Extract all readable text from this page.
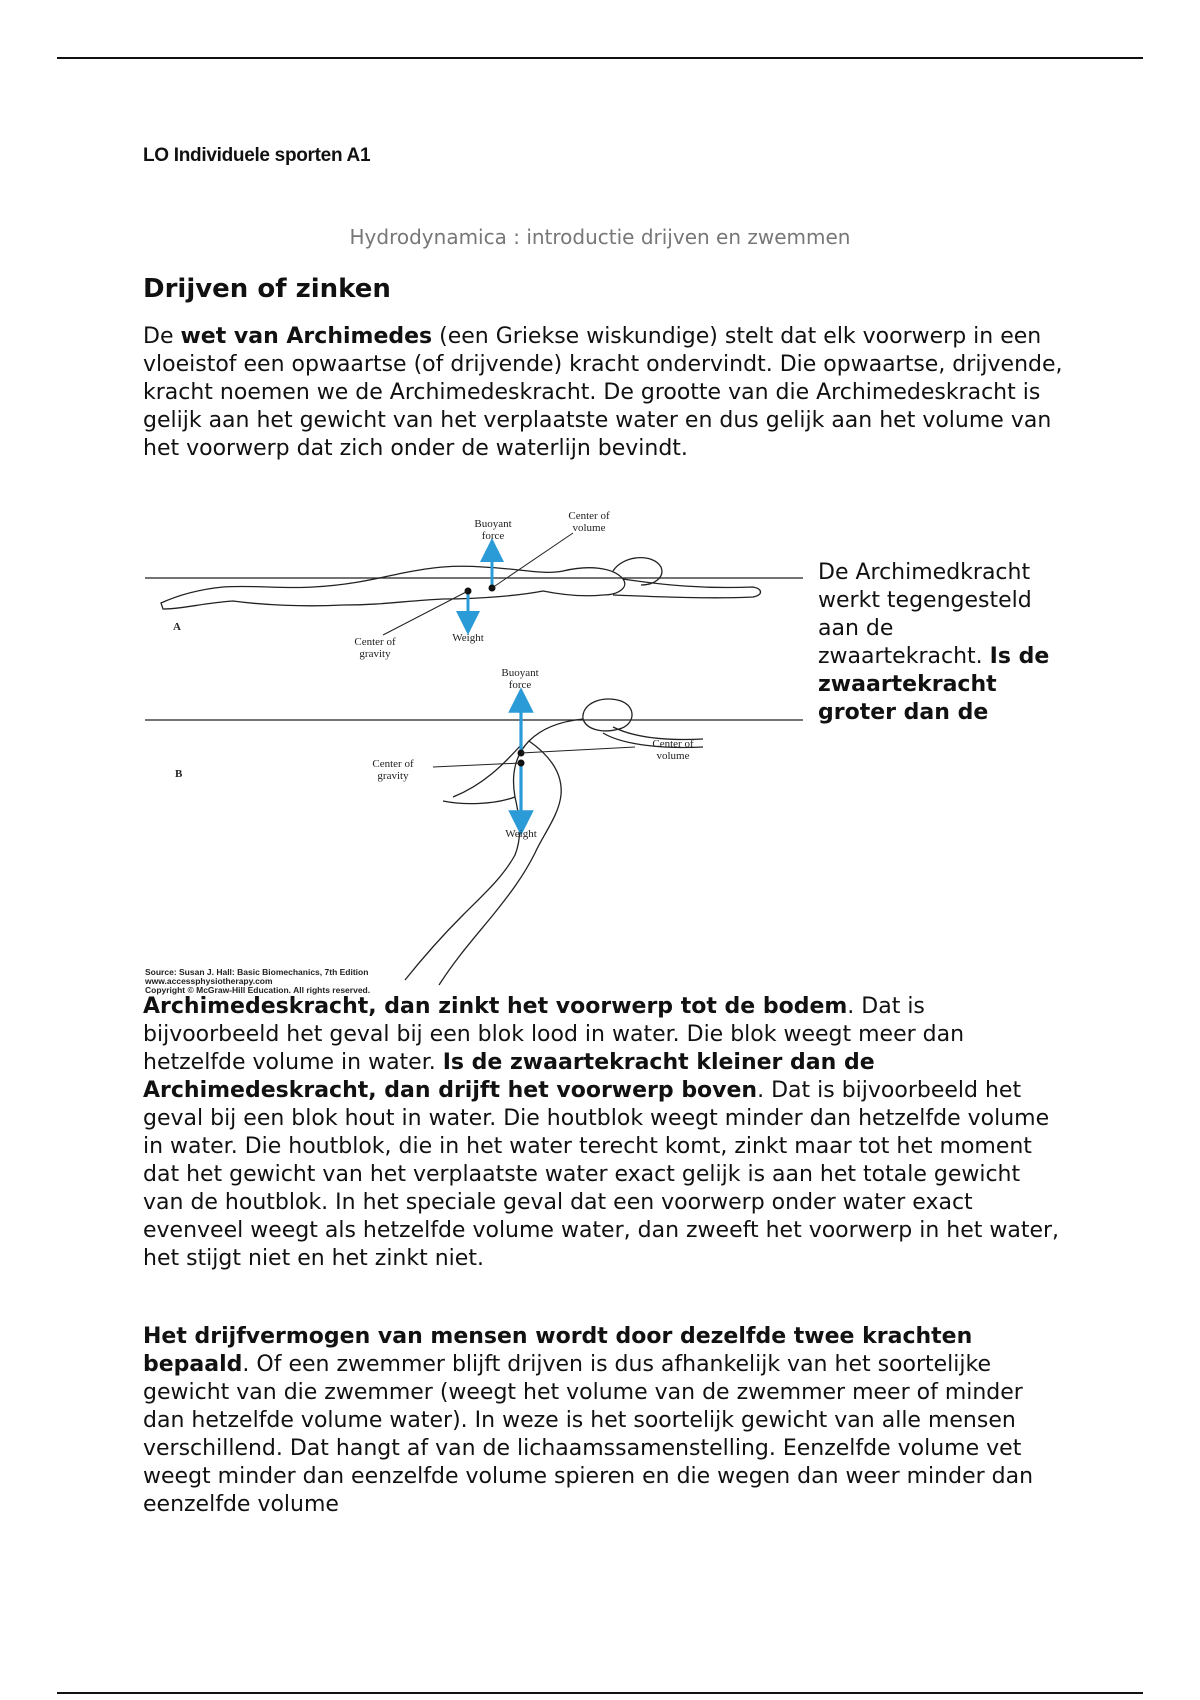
LO Individuele sporten A1
Hydrodynamica : introductie drijven en zwemmen
Drijven of zinken

De wet van Archimedes (een Griekse wiskundige) stelt dat elk voorwerp in een vloeistof een opwaartse (of drijvende) kracht ondervindt. Die opwaartse, drijvende, kracht noemen we de Archimedeskracht. De grootte van die Archimedeskracht is gelijk aan het gewicht van het verplaatste water en dus gelijk aan het volume van het voorwerp dat zich onder de waterlijn bevindt.

A
Buoyant
force
Center of
volume
Center of
gravity
Weight
B
Buoyant
force
Center of
volume
Center of
gravity
Weight
Source: Susan J. Hall: Basic Biomechanics, 7th Edition
www.accessphysiotherapy.com
Copyright © McGraw-Hill Education. All rights reserved.

De Archimedkracht werkt tegengesteld aan de zwaartekracht. Is de zwaartekracht groter dan de

Archimedeskracht, dan zinkt het voorwerp tot de bodem. Dat is bijvoorbeeld het geval bij een blok lood in water. Die blok weegt meer dan hetzelfde volume in water. Is de zwaartekracht kleiner dan de Archimedeskracht, dan drijft het voorwerp boven. Dat is bijvoorbeeld het geval bij een blok hout in water. Die houtblok weegt minder dan hetzelfde volume in water. Die houtblok, die in het water terecht komt, zinkt maar tot het moment dat het gewicht van het verplaatste water exact gelijk is aan het totale gewicht van de houtblok. In het speciale geval dat een voorwerp onder water exact evenveel weegt als hetzelfde volume water, dan zweeft het voorwerp in het water, het stijgt niet en het zinkt niet.

Het drijfvermogen van mensen wordt door dezelfde twee krachten bepaald. Of een zwemmer blijft drijven is dus afhankelijk van het soortelijke gewicht van die zwemmer (weegt het volume van de zwemmer meer of minder dan hetzelfde volume water). In weze is het soortelijk gewicht van alle mensen verschillend. Dat hangt af van de lichaamssamenstelling. Eenzelfde volume vet weegt minder dan eenzelfde volume spieren en die wegen dan weer minder dan eenzelfde volume
